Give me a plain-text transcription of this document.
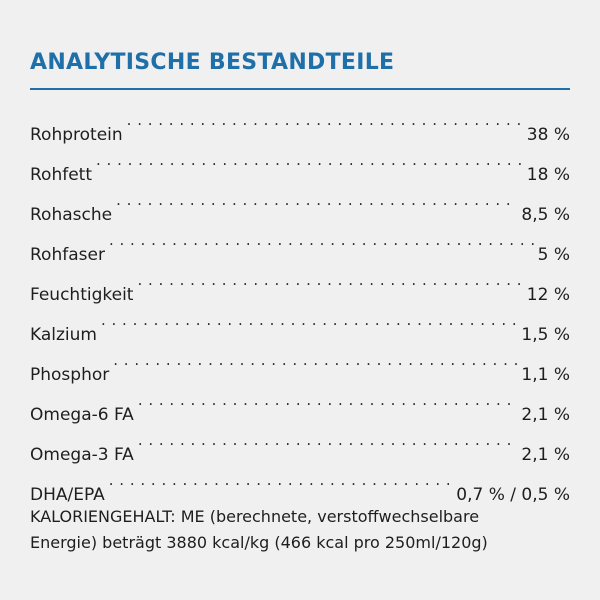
ANALYTISCHE BESTANDTEILE
Rohprotein . . .	38 %
Rohfett . . .	18 %
Rohasche . . .	8,5 %
Rohfaser . . .	5 %
Feuchtigkeit . . .	12 %
Kalzium . . .	1,5 %
Phosphor . . .	1,1 %
Omega-6 FA . . .	2,1 %
Omega-3 FA . . .	2,1 %
DHA/EPA . . .	0,7 % / 0,5 %
KALORIENGEHALT: ME (berechnete, verstoffwechselbare
Energie) beträgt 3880 kcal/kg (466 kcal pro 250ml/120g)
